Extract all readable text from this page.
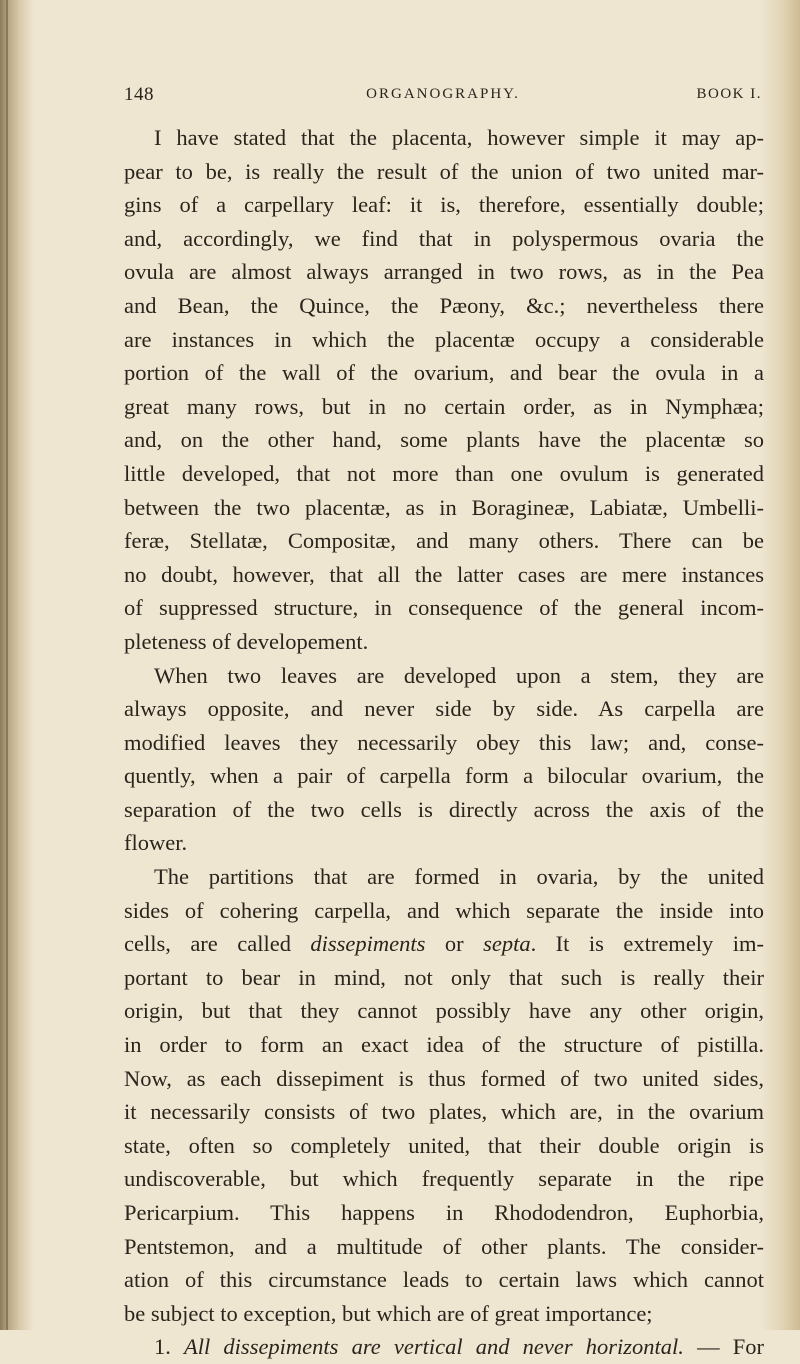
148	ORGANOGRAPHY.	BOOK I.
I have stated that the placenta, however simple it may ap-
pear to be, is really the result of the union of two united mar-
gins of a carpellary leaf: it is, therefore, essentially double;
and, accordingly, we find that in polyspermous ovaria the
ovula are almost always arranged in two rows, as in the Pea
and Bean, the Quince, the Pæony, &c.; nevertheless there
are instances in which the placentæ occupy a considerable
portion of the wall of the ovarium, and bear the ovula in a
great many rows, but in no certain order, as in Nymphæa;
and, on the other hand, some plants have the placentæ so
little developed, that not more than one ovulum is generated
between the two placentæ, as in Boragineæ, Labiatæ, Umbelli-
feræ, Stellatæ, Compositæ, and many others. There can be
no doubt, however, that all the latter cases are mere instances
of suppressed structure, in consequence of the general incom-
pleteness of developement.
When two leaves are developed upon a stem, they are
always opposite, and never side by side. As carpella are
modified leaves they necessarily obey this law; and, conse-
quently, when a pair of carpella form a bilocular ovarium, the
separation of the two cells is directly across the axis of the
flower.
The partitions that are formed in ovaria, by the united
sides of cohering carpella, and which separate the inside into
cells, are called dissepiments or septa. It is extremely im-
portant to bear in mind, not only that such is really their
origin, but that they cannot possibly have any other origin,
in order to form an exact idea of the structure of pistilla.
Now, as each dissepiment is thus formed of two united sides,
it necessarily consists of two plates, which are, in the ovarium
state, often so completely united, that their double origin is
undiscoverable, but which frequently separate in the ripe
Pericarpium. This happens in Rhododendron, Euphorbia,
Pentstemon, and a multitude of other plants. The consider-
ation of this circumstance leads to certain laws which cannot
be subject to exception, but which are of great importance;
1. All dissepiments are vertical and never horizontal. — For
